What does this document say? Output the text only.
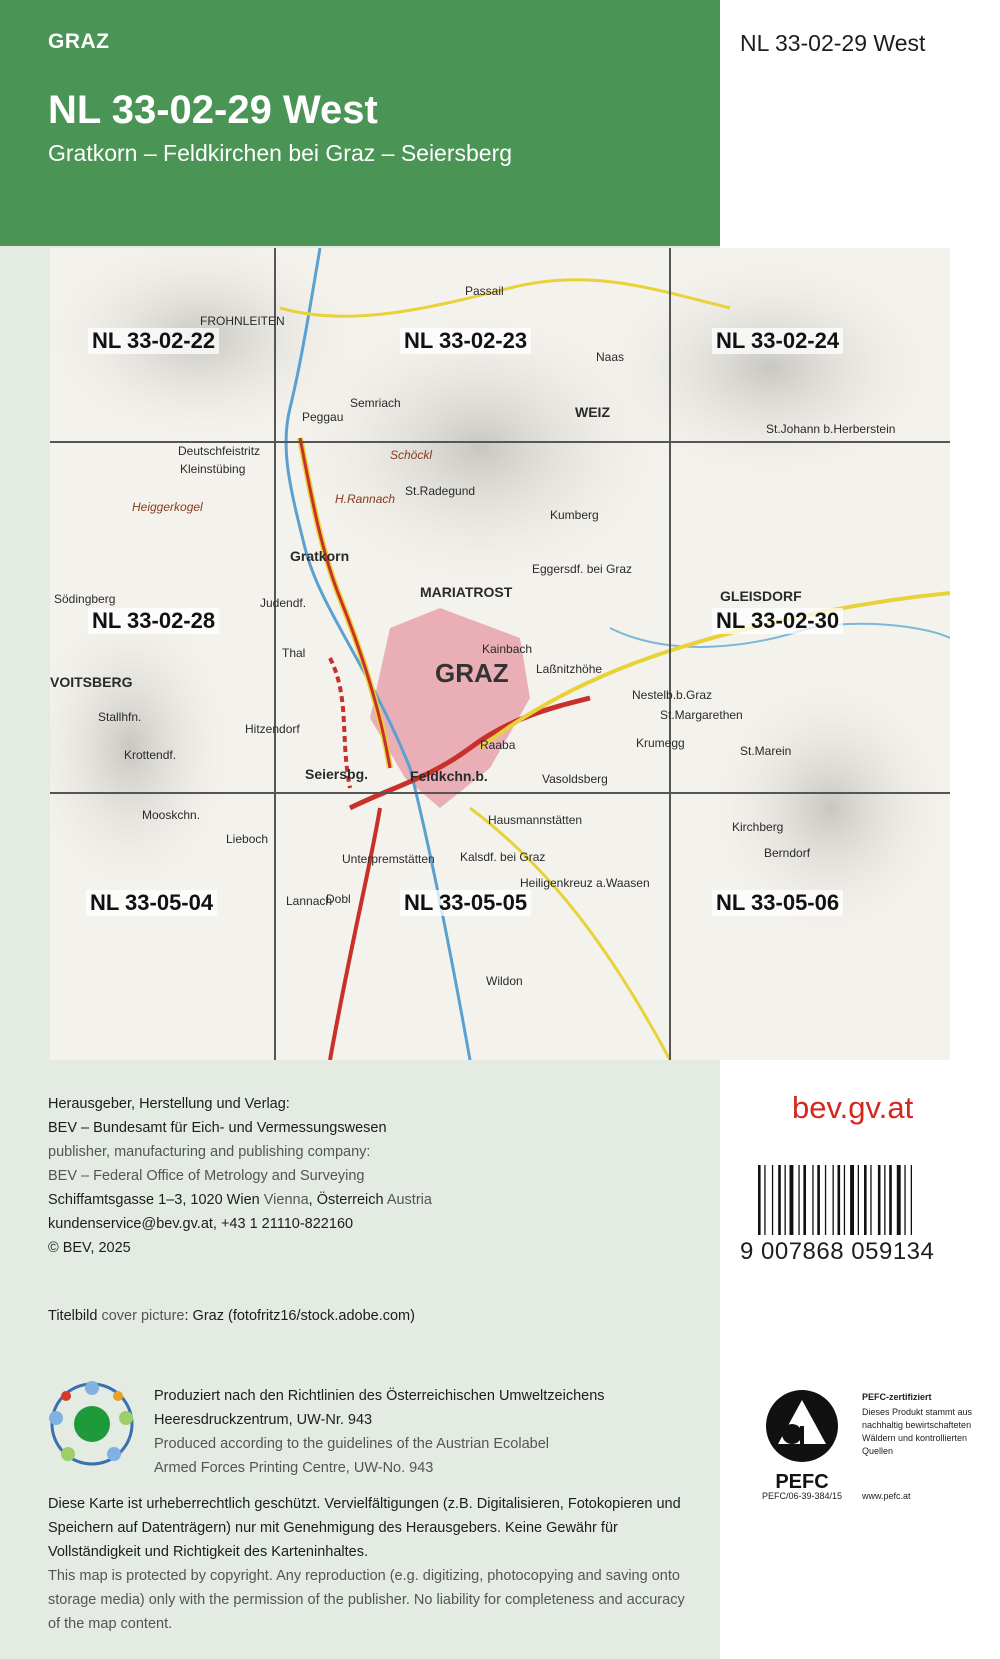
GRAZ
NL 33-02-29 West
Gratkorn – Feldkirchen bei Graz – Seiersberg
NL 33-02-29 West
NL 33-02-22	NL 33-02-23	NL 33-02-24
NL 33-02-28	NL 33-02-30
NL 33-05-04	NL 33-05-05	NL 33-05-06
GRAZ
Gratkorn
MARIATROST
WEIZ
GLEISDORF
VOITSBERG
Seiersbg.	Feldkchn.b.
Schöckl
H.Rannach
Heiggerkogel
St.Radegund
Kumberg
Passail
Semriach
Peggau
FROHNLEITEN
Kalsdf. bei Graz
Wildon
Lannach
Hitzendorf
Thal
Raaba
Hausmannstätten
Vasoldsberg
Laßnitzhöhe
Kainbach
St.Margarethen
Kirchberg
Dobl
Unterpremstätten
Stallhfn.
Södingberg
Naas
St.Johann b.Herberstein
Eggersdf. bei Graz
Kleinstübing
Deutschfeistritz
Judendf.
Krottendf.
Mooskchn.
Lieboch
Heiligenkreuz a.Waasen
Nestelb.b.Graz
Krumegg
St.Marein
Berndorf
Herausgeber, Herstellung und Verlag:
BEV – Bundesamt für Eich- und Vermessungswesen
publisher, manufacturing and publishing company:
BEV – Federal Office of Metrology and Surveying
Schiffamtsgasse 1–3, 1020 Wien Vienna, Österreich Austria
kundenservice@bev.gv.at, +43 1 21110-822160
© BEV, 2025
Titelbild cover picture: Graz (fotofritz16/stock.adobe.com)
Produziert nach den Richtlinien des Österreichischen Umweltzeichens
Heeresdruckzentrum, UW-Nr. 943
Produced according to the guidelines of the Austrian Ecolabel
Armed Forces Printing Centre, UW-No. 943
Diese Karte ist urheberrechtlich geschützt. Vervielfältigungen (z.B. Digitalisieren, Fotokopieren und Speichern auf Datenträgern) nur mit Genehmigung des Herausgebers. Keine Gewähr für Vollständigkeit und Richtigkeit des Karteninhaltes.
This map is protected by copyright. Any reproduction (e.g. digitizing, photocopying and saving onto storage media) only with the permission of the publisher. No liability for completeness and accuracy of the map content.
bev.gv.at
9 007868 059134
PEFC
PEFC-zertifiziert
Dieses Produkt stammt aus nachhaltig bewirtschafteten Wäldern und kontrollierten Quellen
PEFC/06-39-384/15 www.pefc.at
